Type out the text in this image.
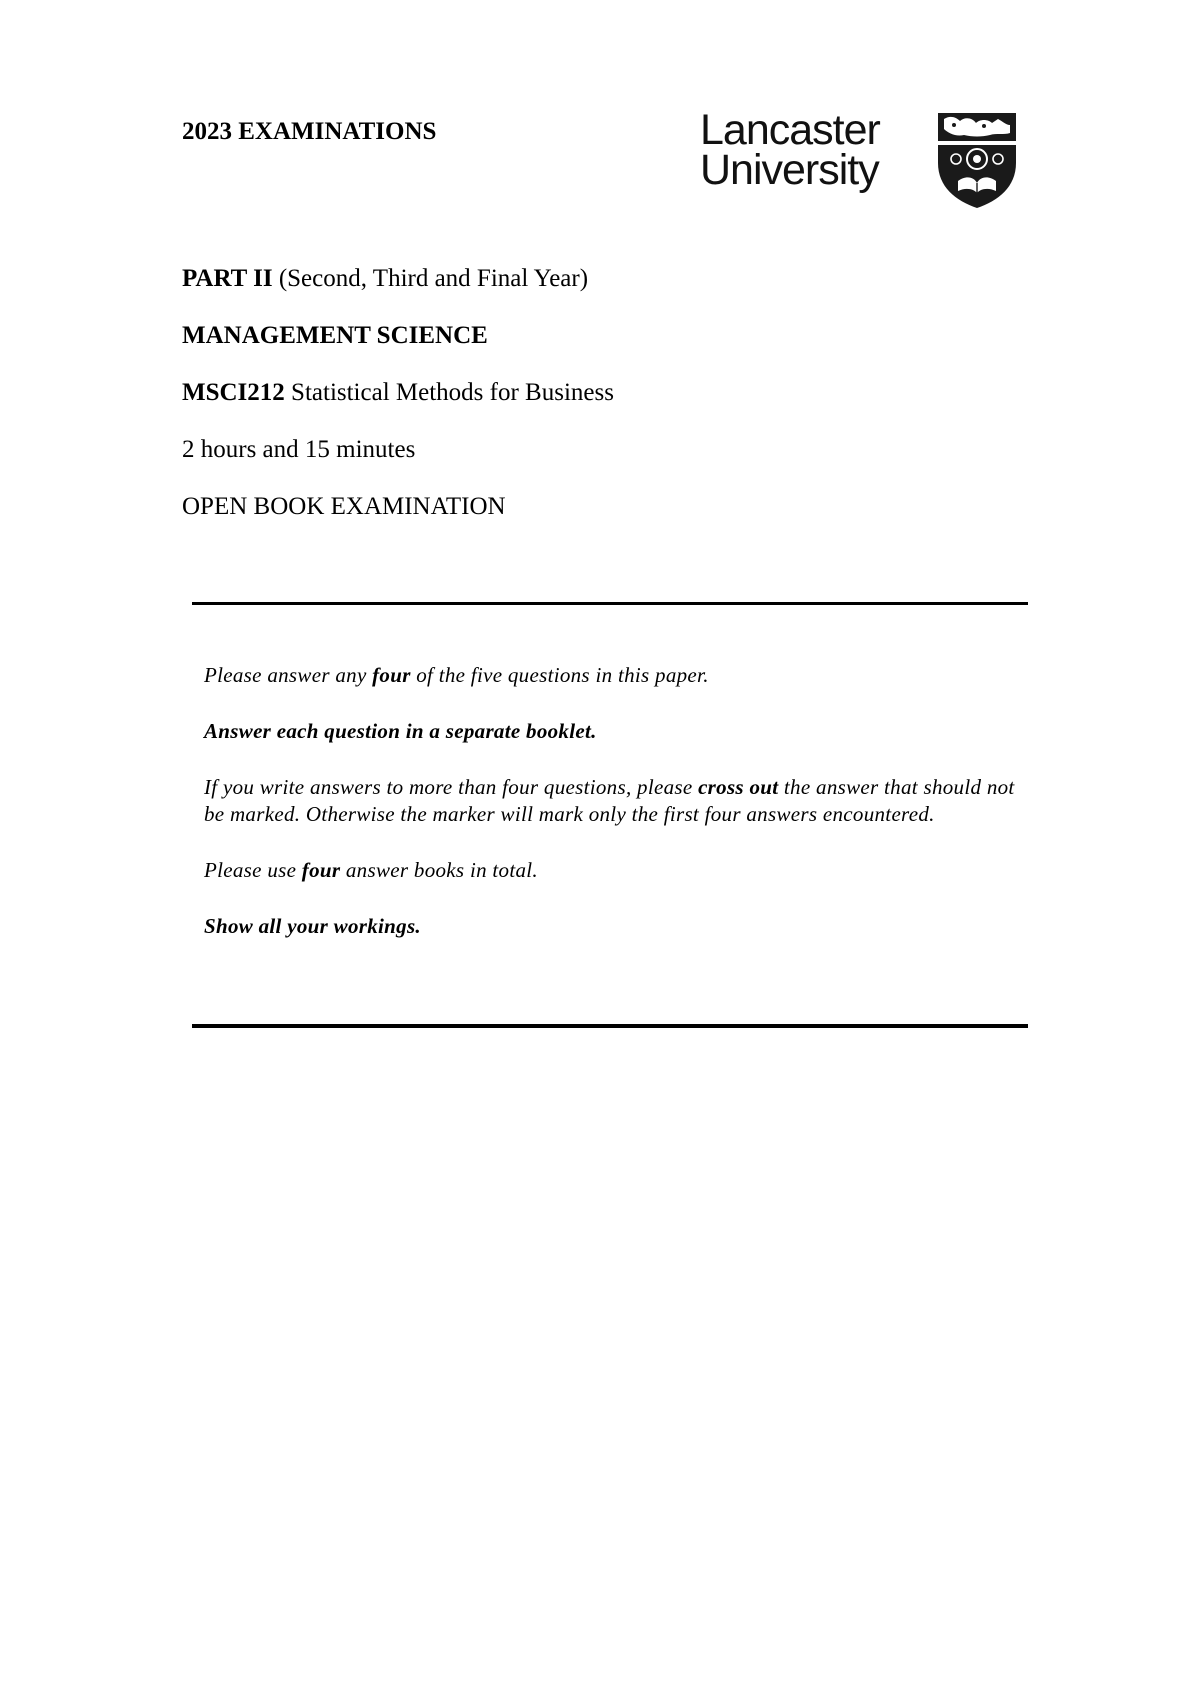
2023 EXAMINATIONS	Lancaster
University
PART II (Second, Third and Final Year)
MANAGEMENT SCIENCE
MSCI212 Statistical Methods for Business
2 hours and 15 minutes
OPEN BOOK EXAMINATION

Please answer any four of the five questions in this paper.

Answer each question in a separate booklet.

If you write answers to more than four questions, please cross out the answer that should not be marked. Otherwise the marker will mark only the first four answers encountered.

Please use four answer books in total.

Show all your workings.
